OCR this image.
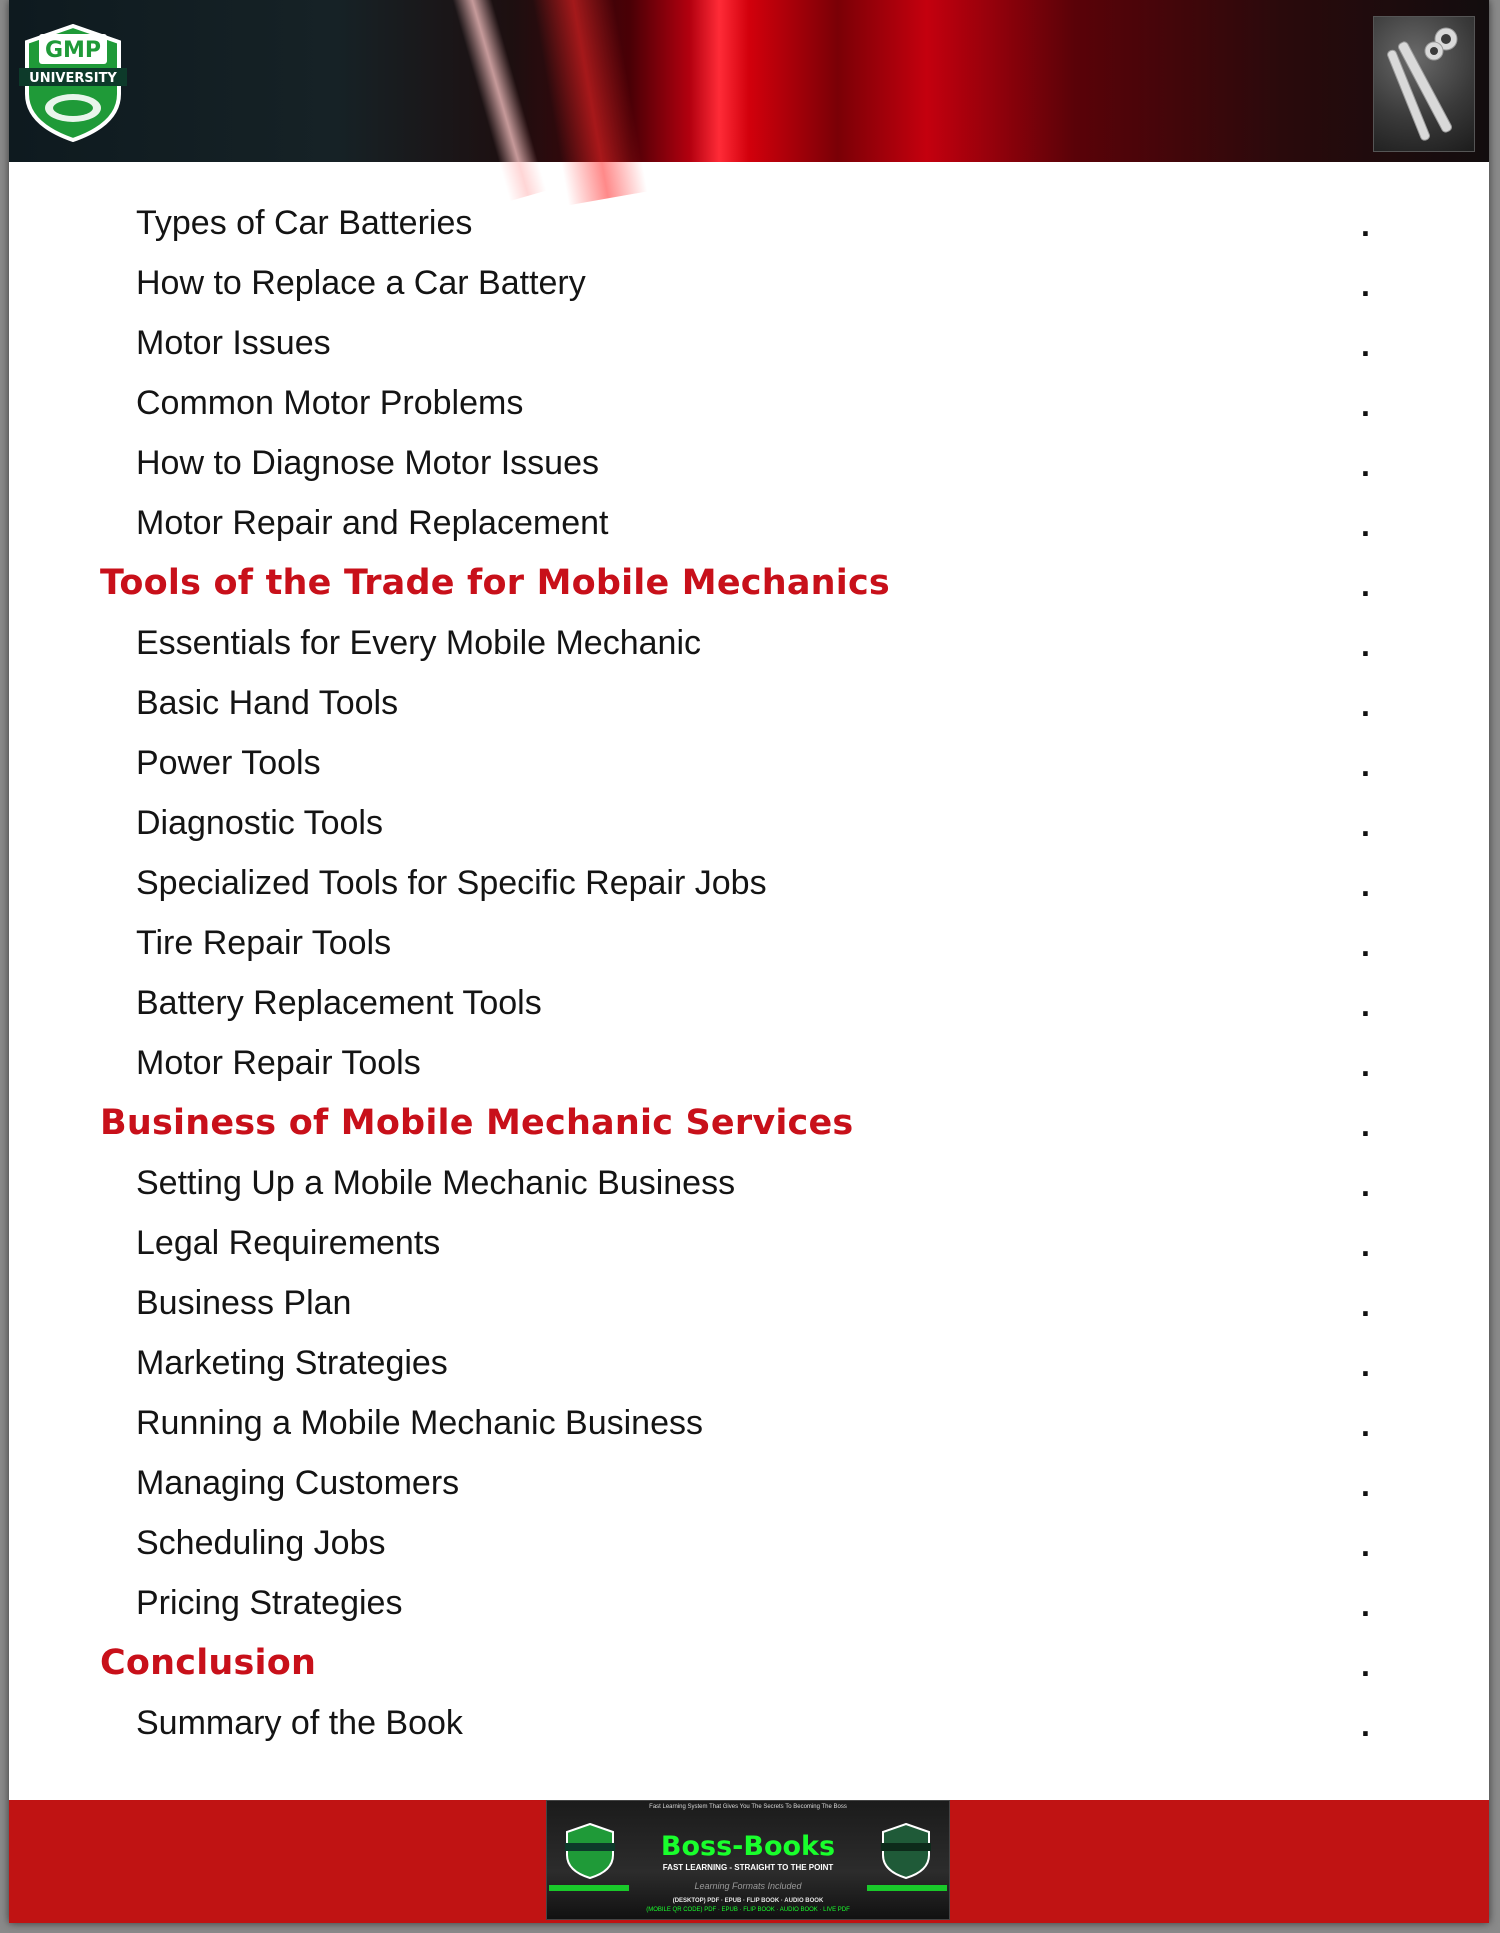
GMP
UNIVERSITY
Types of Car Batteries	.
How to Replace a Car Battery	.
Motor Issues	.
Common Motor Problems	.
How to Diagnose Motor Issues	.
Motor Repair and Replacement	.
Tools of the Trade for Mobile Mechanics	.
Essentials for Every Mobile Mechanic	.
Basic Hand Tools	.
Power Tools	.
Diagnostic Tools	.
Specialized Tools for Specific Repair Jobs	.
Tire Repair Tools	.
Battery Replacement Tools	.
Motor Repair Tools	.
Business of Mobile Mechanic Services	.
Setting Up a Mobile Mechanic Business	.
Legal Requirements	.
Business Plan	.
Marketing Strategies	.
Running a Mobile Mechanic Business	.
Managing Customers	.
Scheduling Jobs	.
Pricing Strategies	.
Conclusion	.
Summary of the Book	.
Fast Learning System That Gives You The Secrets To Becoming The Boss
Boss-Books
FAST LEARNING - STRAIGHT TO THE POINT
Learning Formats Included
(DESKTOP) PDF · EPUB · FLIP BOOK · AUDIO BOOK
(MOBILE QR CODE) PDF · EPUB · FLIP BOOK · AUDIO BOOK · LIVE PDF
